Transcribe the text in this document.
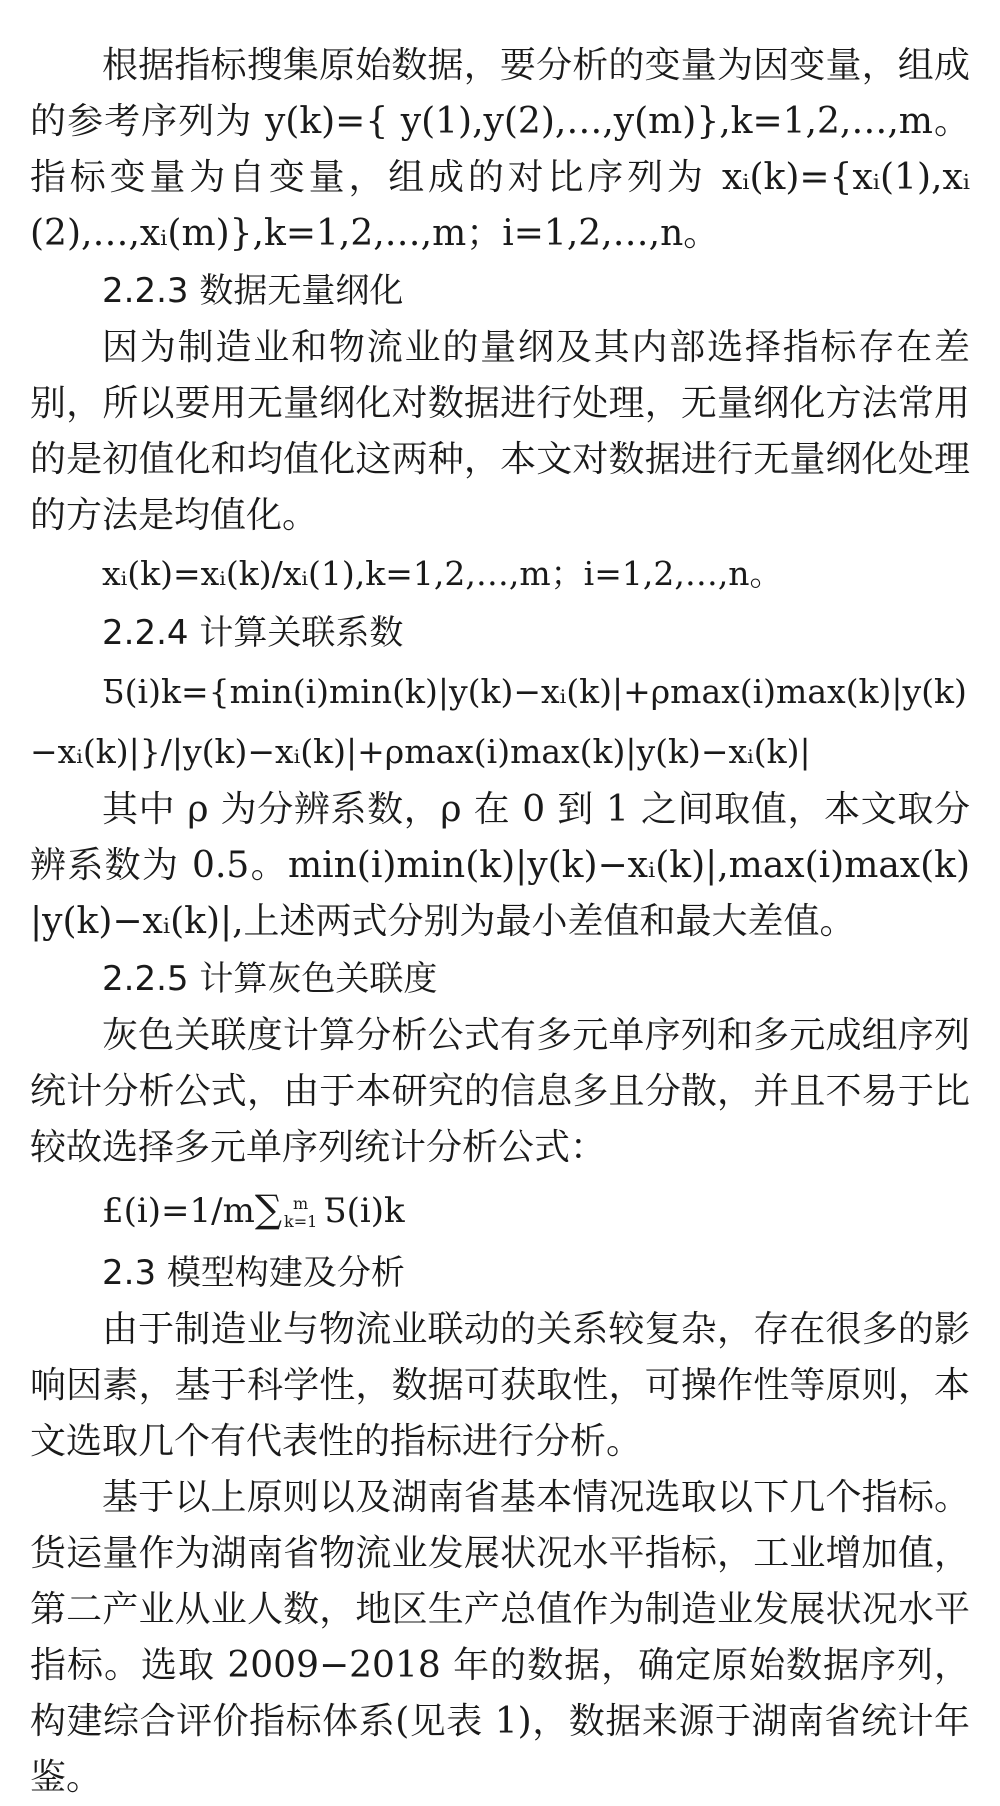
根据指标搜集原始数据，要分析的变量为因变量，组成的参考序列为 y(k)={ y(1),y(2),…,y(m)},k=1,2,…,m。指标变量为自变量，组成的对比序列为 xᵢ(k)={xᵢ(1),xᵢ(2),…,xᵢ(m)},k=1,2,…,m；i=1,2,…,n。

2.2.3 数据无量纲化

因为制造业和物流业的量纲及其内部选择指标存在差别，所以要用无量纲化对数据进行处理，无量纲化方法常用的是初值化和均值化这两种，本文对数据进行无量纲化处理的方法是均值化。

xᵢ(k)=xᵢ(k)/xᵢ(1),k=1,2,…,m；i=1,2,…,n。

2.2.4 计算关联系数

Ƽ(i)k={min(i)min(k)|y(k)−xᵢ(k)|+ρmax(i)max(k)|y(k)−xᵢ(k)|}/|y(k)−xᵢ(k)|+ρmax(i)max(k)|y(k)−xᵢ(k)|

其中 ρ 为分辨系数，ρ 在 0 到 1 之间取值，本文取分辨系数为 0.5。min(i)min(k)|y(k)−xᵢ(k)|,max(i)max(k)|y(k)−xᵢ(k)|,上述两式分别为最小差值和最大差值。

2.2.5 计算灰色关联度

灰色关联度计算分析公式有多元单序列和多元成组序列统计分析公式，由于本研究的信息多且分散，并且不易于比较故选择多元单序列统计分析公式：

£(i)=1/m∑ m
k=1 Ƽ(i)k

2.3 模型构建及分析

由于制造业与物流业联动的关系较复杂，存在很多的影响因素，基于科学性，数据可获取性，可操作性等原则，本文选取几个有代表性的指标进行分析。

基于以上原则以及湖南省基本情况选取以下几个指标。货运量作为湖南省物流业发展状况水平指标，工业增加值，第二产业从业人数，地区生产总值作为制造业发展状况水平指标。选取 2009−2018 年的数据，确定原始数据序列，构建综合评价指标体系(见表 1)，数据来源于湖南省统计年鉴。
